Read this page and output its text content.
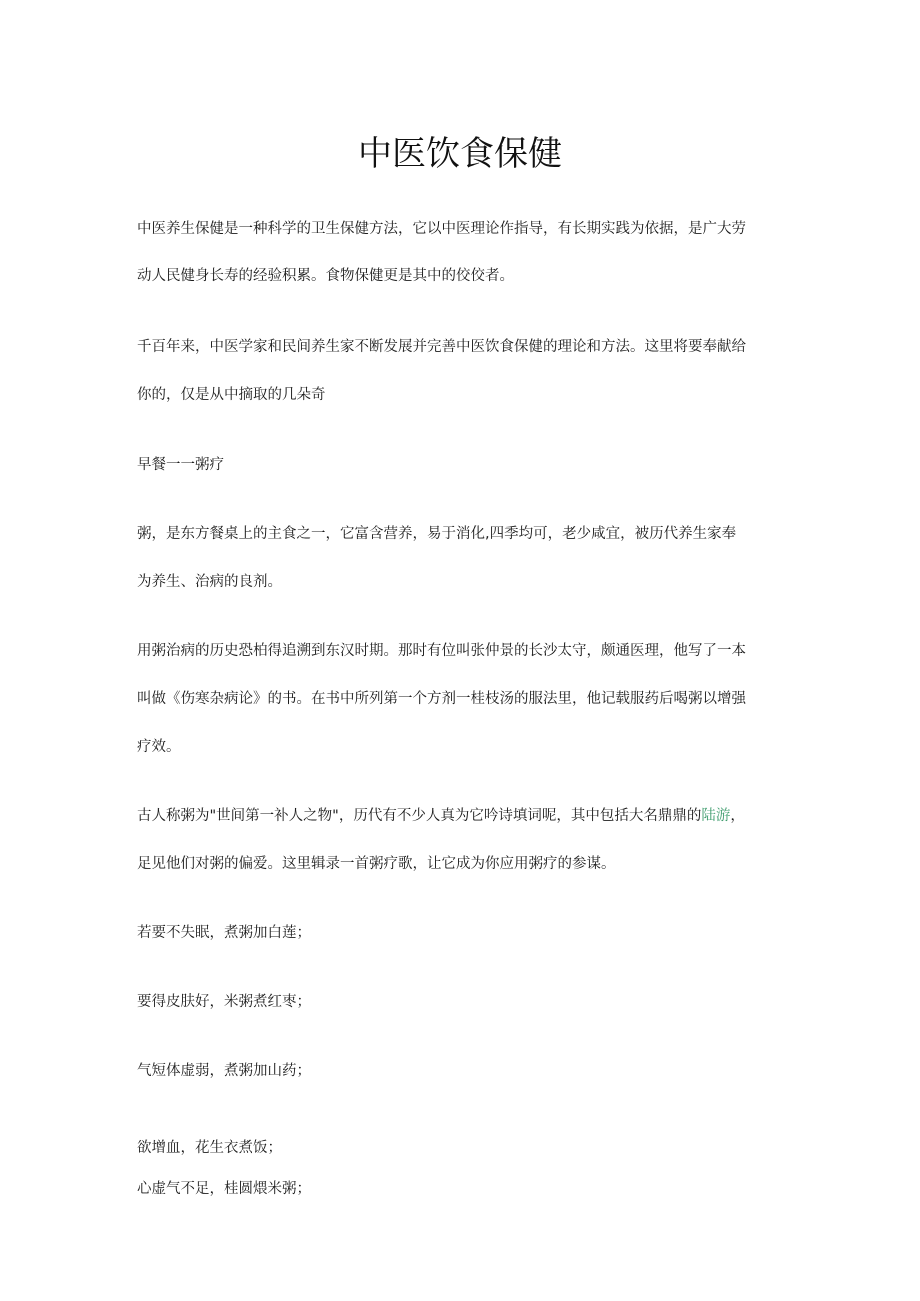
中医饮食保健
中医养生保健是一种科学的卫生保健方法，它以中医理论作指导，有长期实践为依据，是广大劳
动人民健身长寿的经验积累。食物保健更是其中的佼佼者。
千百年来，中医学家和民间养生家不断发展并完善中医饮食保健的理论和方法。这里将要奉献给
你的，仅是从中摘取的几朵奇
早餐一一粥疗
粥，是东方餐桌上的主食之一，它富含营养，易于消化,四季均可，老少咸宜，被历代养生家奉
为养生、治病的良剂。
用粥治病的历史恐柏得追溯到东汉时期。那时有位叫张仲景的长沙太守，颇通医理，他写了一本
叫做《伤寒杂病论》的书。在书中所列第一个方剂一桂枝汤的服法里，他记载服药后喝粥以增强
疗效。
古人称粥为"世间第一补人之物"，历代有不少人真为它吟诗填词呢，其中包括大名鼎鼎的陆游，
足见他们对粥的偏爱。这里辑录一首粥疗歌，让它成为你应用粥疗的参谋。
若要不失眠，煮粥加白莲；
要得皮肤好，米粥煮红枣；
气短体虚弱，煮粥加山药；
欲增血，花生衣煮饭；
心虚气不足，桂圆煨米粥；
